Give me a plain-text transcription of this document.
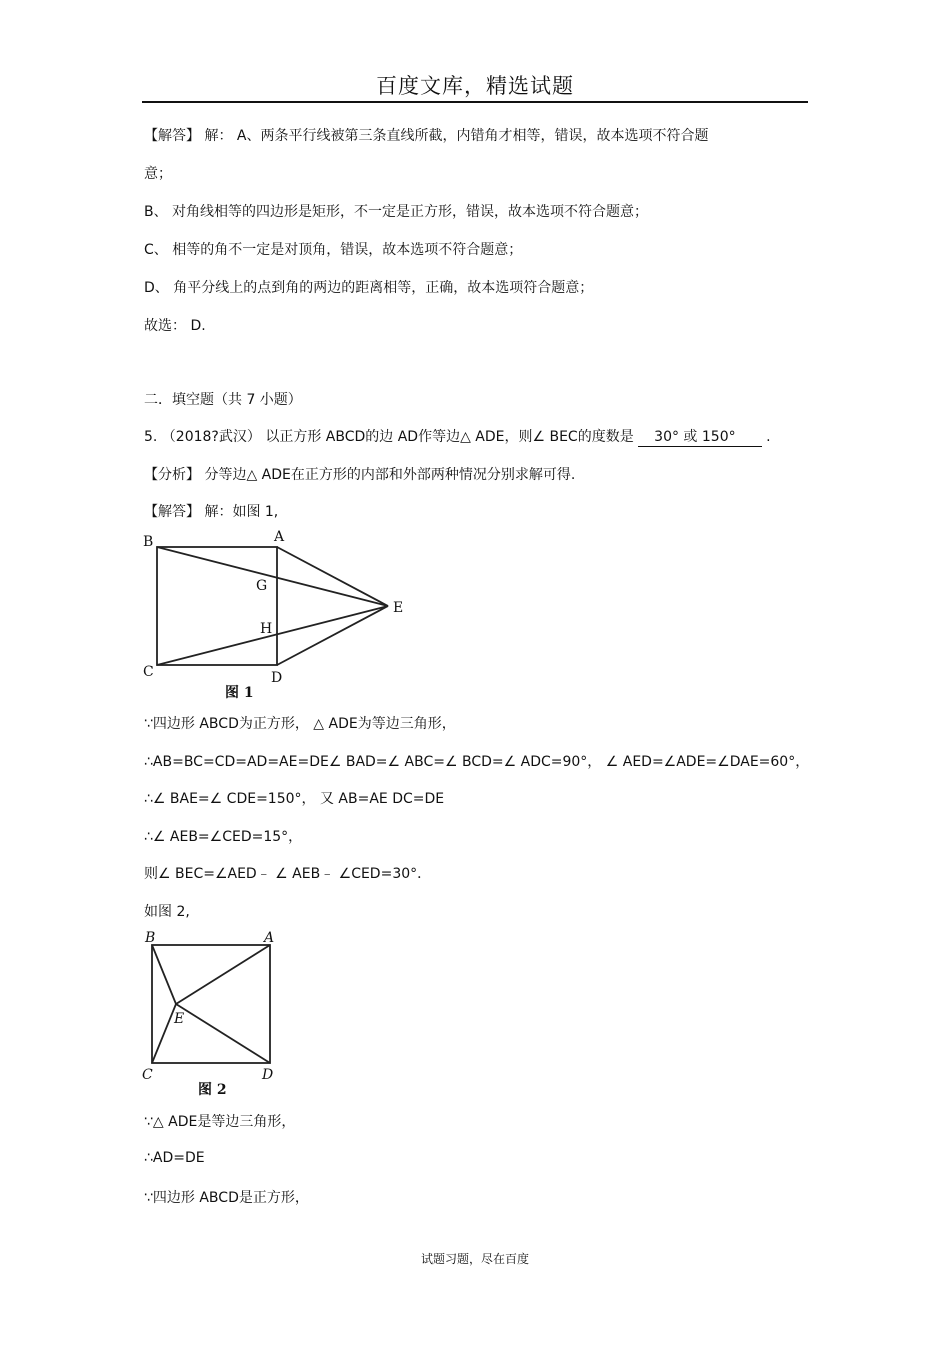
百度文库，精选试题
【解答】 解： A、两条平行线被第三条直线所截，内错角才相等，错误，故本选项不符合题
意；
B、 对角线相等的四边形是矩形，不一定是正方形，错误，故本选项不符合题意；
C、 相等的角不一定是对顶角，错误，故本选项不符合题意；
D、 角平分线上的点到角的两边的距离相等，正确，故本选项符合题意；
故选： D.
二．填空题（共 7 小题）
5. （2018?武汉） 以正方形 ABCD的边 AD作等边△ ADE，则∠ BEC的度数是 30° 或 150° .
【分析】 分等边△ ADE在正方形的内部和外部两种情况分别求解可得.
【解答】 解：如图 1,
B	A
G
E
H
C	D
图 1
∵四边形 ABCD为正方形， △ ADE为等边三角形，
∴AB=BC=CD=AD=AE=DE∠ BAD=∠ ABC=∠ BCD=∠ ADC=90°， ∠ AED=∠ADE=∠DAE=60°，
∴∠ BAE=∠ CDE=150°， 又 AB=AE DC=DE
∴∠ AEB=∠CED=15°，
则∠ BEC=∠AED﹣ ∠ AEB﹣ ∠CED=30°．
如图 2,
B	A
E
C	D
图 2
∵△ ADE是等边三角形，
∴AD=DE
∵四边形 ABCD是正方形，
试题习题，尽在百度
